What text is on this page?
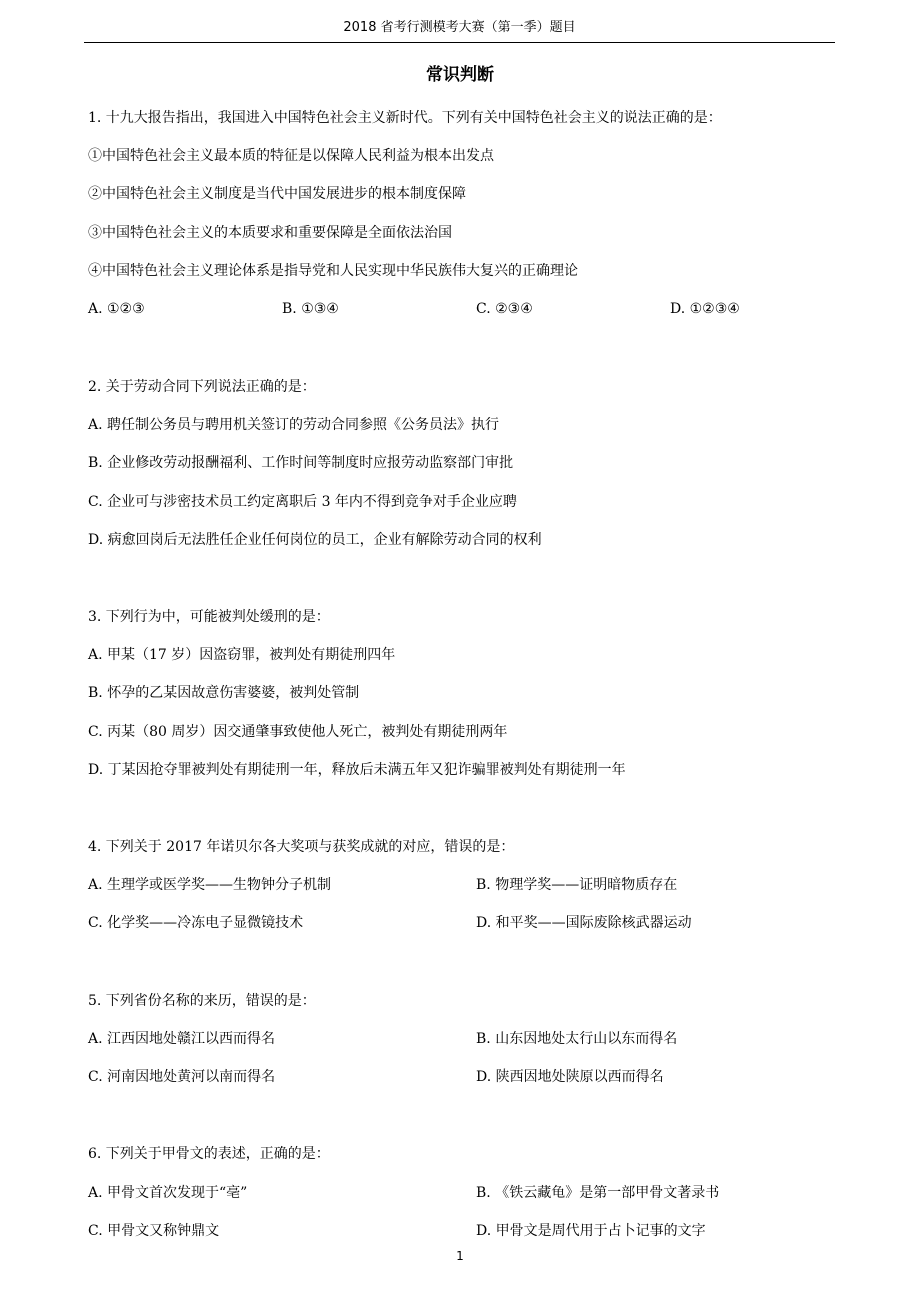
2018 省考行测模考大赛（第一季）题目
常识判断
1. 十九大报告指出，我国进入中国特色社会主义新时代。下列有关中国特色社会主义的说法正确的是：
①中国特色社会主义最本质的特征是以保障人民利益为根本出发点
②中国特色社会主义制度是当代中国发展进步的根本制度保障
③中国特色社会主义的本质要求和重要保障是全面依法治国
④中国特色社会主义理论体系是指导党和人民实现中华民族伟大复兴的正确理论
A. ①②③	B. ①③④	C. ②③④	D. ①②③④
2. 关于劳动合同下列说法正确的是：
A. 聘任制公务员与聘用机关签订的劳动合同参照《公务员法》执行
B. 企业修改劳动报酬福利、工作时间等制度时应报劳动监察部门审批
C. 企业可与涉密技术员工约定离职后 3 年内不得到竞争对手企业应聘
D. 病愈回岗后无法胜任企业任何岗位的员工，企业有解除劳动合同的权利
3. 下列行为中，可能被判处缓刑的是：
A. 甲某（17 岁）因盗窃罪，被判处有期徒刑四年
B. 怀孕的乙某因故意伤害婆婆，被判处管制
C. 丙某（80 周岁）因交通肇事致使他人死亡，被判处有期徒刑两年
D. 丁某因抢夺罪被判处有期徒刑一年，释放后未满五年又犯诈骗罪被判处有期徒刑一年
4. 下列关于 2017 年诺贝尔各大奖项与获奖成就的对应，错误的是：
A. 生理学或医学奖——生物钟分子机制	B. 物理学奖——证明暗物质存在
C. 化学奖——冷冻电子显微镜技术	D. 和平奖——国际废除核武器运动
5. 下列省份名称的来历，错误的是：
A. 江西因地处赣江以西而得名	B. 山东因地处太行山以东而得名
C. 河南因地处黄河以南而得名	D. 陕西因地处陕原以西而得名
6. 下列关于甲骨文的表述，正确的是：
A. 甲骨文首次发现于“亳”	B. 《铁云藏龟》是第一部甲骨文著录书
C. 甲骨文又称钟鼎文	D. 甲骨文是周代用于占卜记事的文字
1
